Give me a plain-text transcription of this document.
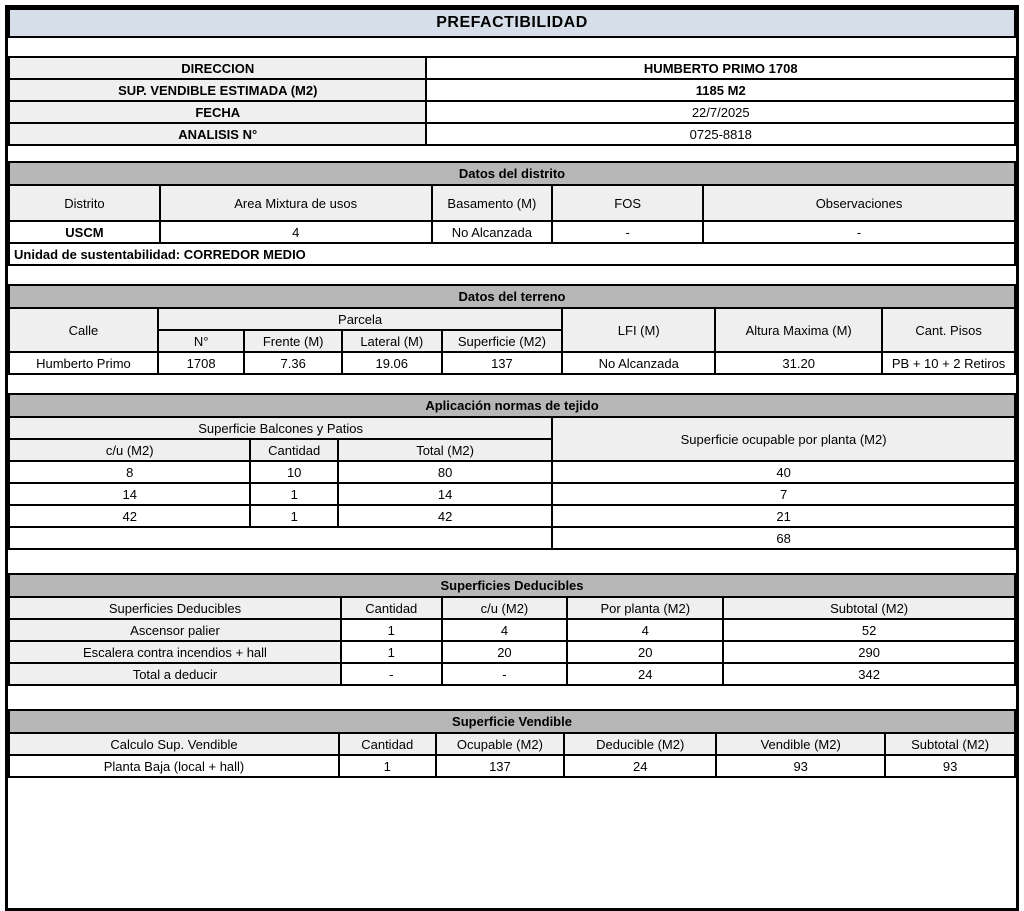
PREFACTIBILIDAD
DIRECCION	HUMBERTO PRIMO 1708
SUP. VENDIBLE ESTIMADA (M2)	1185 M2
FECHA	22/7/2025
ANALISIS N°	0725-8818
Datos del distrito				
Distrito	Area Mixtura de usos	Basamento (M)	FOS	Observaciones
USCM	4	No Alcanzada	-	-
Unidad de sustentabilidad: CORREDOR MEDIO				
Datos del terreno							
Calle	Parcela				LFI (M)	Altura Maxima (M)	Cant. Pisos
	N°	Frente (M)	Lateral (M)	Superficie (M2)			
Humberto Primo	1708	7.36	19.06	137	No Alcanzada	31.20	PB + 10 + 2 Retiros
Aplicación normas de tejido			
Superficie Balcones y Patios			Superficie ocupable por planta (M2)
c/u (M2)	Cantidad	Total (M2)	
8	10	80	40
14	1	14	7
42	1	42	21
			68
Superficies Deducibles				
Superficies Deducibles	Cantidad	c/u (M2)	Por planta (M2)	Subtotal (M2)
Ascensor palier	1	4	4	52
Escalera contra incendios + hall	1	20	20	290
Total a deducir	-	-	24	342
Superficie Vendible					
Calculo Sup. Vendible	Cantidad	Ocupable (M2)	Deducible (M2)	Vendible (M2)	Subtotal (M2)
Planta Baja (local + hall)	1	137	24	93	93
